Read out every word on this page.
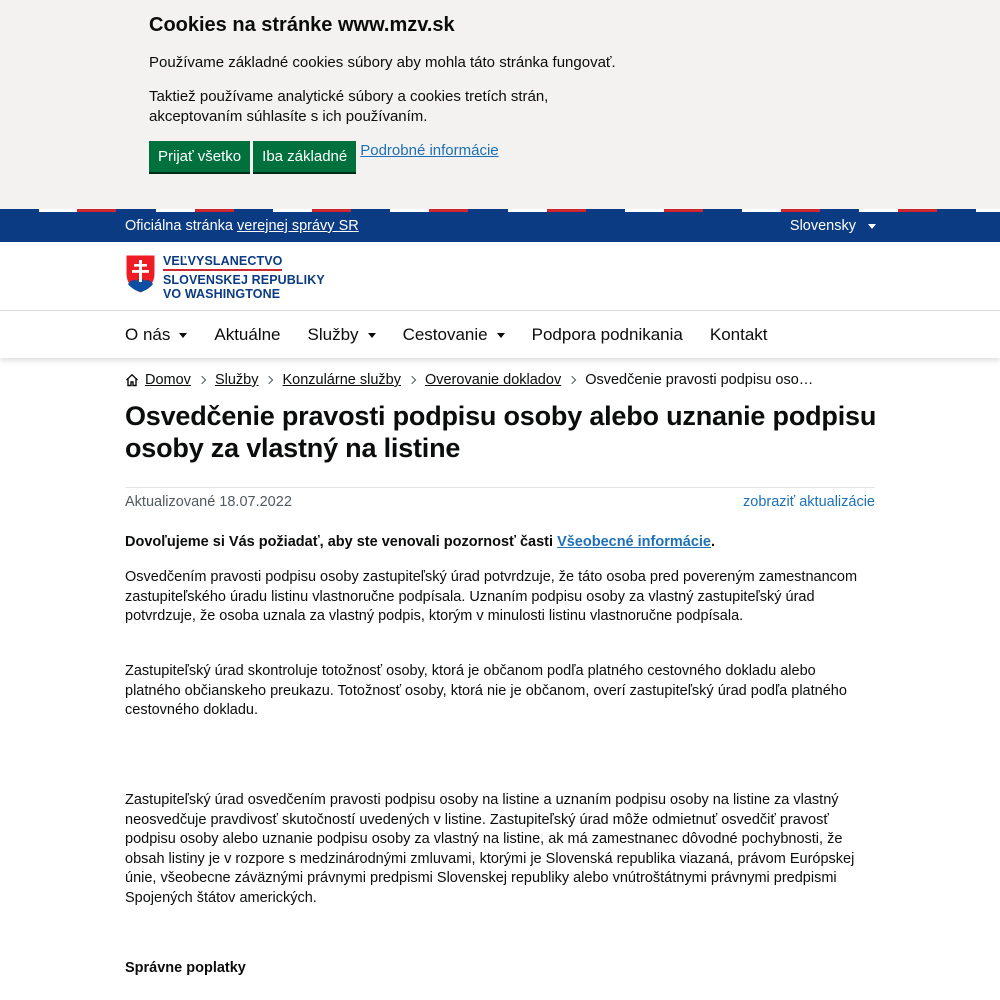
Cookies na stránke www.mzv.sk
Používame základné cookies súbory aby mohla táto stránka fungovať.
Taktiež používame analytické súbory a cookies tretích strán, akceptovaním súhlasíte s ich používaním.
Prijať všetko	Iba základné Podrobné informácie
Oficiálna stránka verejnej správy SR	Slovensky
VEĽVYSLANECTVO
SLOVENSKEJ REPUBLIKY
VO WASHINGTONE
O nás	Aktuálne Služby	Cestovanie	Podpora podnikania Kontakt
Domov Služby Konzulárne služby Overovanie dokladov Osvedčenie pravosti podpisu oso…
Osvedčenie pravosti podpisu osoby alebo uznanie podpisu osoby za vlastný na listine
Aktualizované 18.07.2022	zobraziť aktualizácie

Dovoľujeme si Vás požiadať, aby ste venovali pozornosť časti Všeobecné informácie.

Osvedčením pravosti podpisu osoby zastupiteľský úrad potvrdzuje, že táto osoba pred povereným zamestnancom zastupiteľského úradu listinu vlastnoručne podpísala. Uznaním podpisu osoby za vlastný zastupiteľský úrad potvrdzuje, že osoba uznala za vlastný podpis, ktorým v minulosti listinu vlastnoručne podpísala.

Zastupiteľský úrad skontroluje totožnosť osoby, ktorá je občanom podľa platného cestovného dokladu alebo platného občianskeho preukazu. Totožnosť osoby, ktorá nie je občanom, overí zastupiteľský úrad podľa platného cestovného dokladu.

Zastupiteľský úrad osvedčením pravosti podpisu osoby na listine a uznaním podpisu osoby na listine za vlastný neosvedčuje pravdivosť skutočností uvedených v listine. Zastupiteľský úrad môže odmietnuť osvedčiť pravosť podpisu osoby alebo uznanie podpisu osoby za vlastný na listine, ak má zamestnanec dôvodné pochybnosti, že obsah listiny je v rozpore s medzinárodnými zmluvami, ktorými je Slovenská republika viazaná, právom Európskej únie, všeobecne záväznými právnymi predpismi Slovenskej republiky alebo vnútroštátnymi právnymi predpismi Spojených štátov amerických.

Správne poplatky
